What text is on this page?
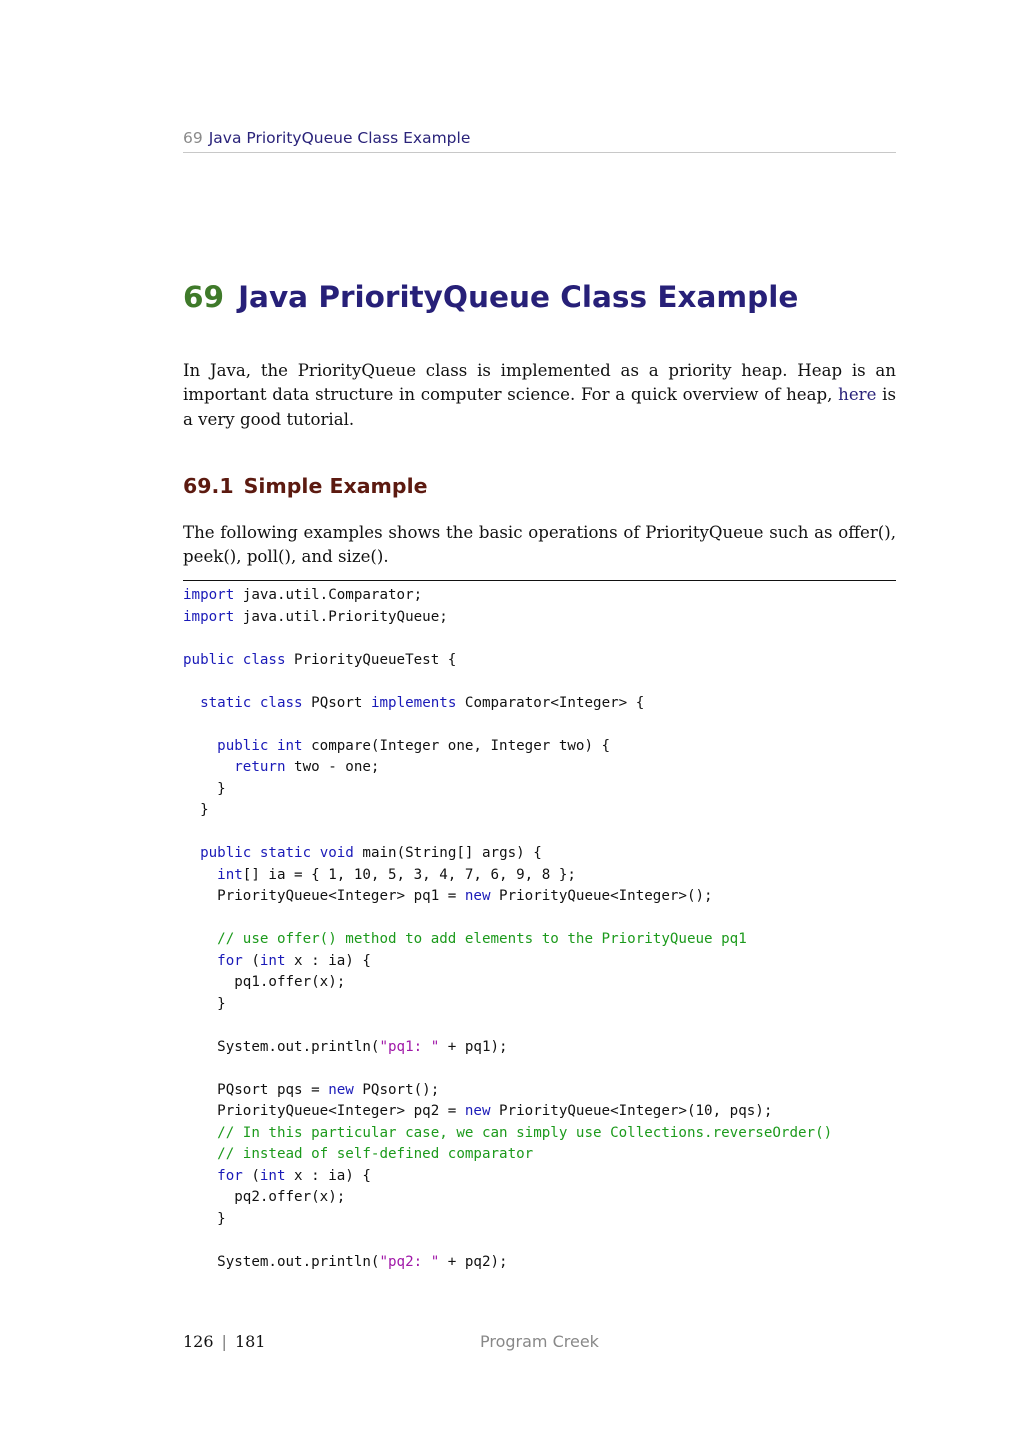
69 Java PriorityQueue Class Example
69 Java PriorityQueue Class Example

In Java, the PriorityQueue class is implemented as a priority heap. Heap is an important data structure in computer science. For a quick overview of heap, here is a very good tutorial.

69.1 Simple Example

The following examples shows the basic operations of PriorityQueue such as offer(), peek(), poll(), and size().

import java.util.Comparator;
import java.util.PriorityQueue;
public class PriorityQueueTest {
static class PQsort implements Comparator<Integer> {
public int compare(Integer one, Integer two) {
return two - one;
}
}
public static void main(String[] args) {
int[] ia = { 1, 10, 5, 3, 4, 7, 6, 9, 8 };
PriorityQueue<Integer> pq1 = new PriorityQueue<Integer>();
// use offer() method to add elements to the PriorityQueue pq1
for (int x : ia) {
pq1.offer(x);
}
System.out.println("pq1: " + pq1);
PQsort pqs = new PQsort();
PriorityQueue<Integer> pq2 = new PriorityQueue<Integer>(10, pqs);
// In this particular case, we can simply use Collections.reverseOrder()
// instead of self-defined comparator
for (int x : ia) {
pq2.offer(x);
}
System.out.println("pq2: " + pq2);
126 | 181	Program Creek
